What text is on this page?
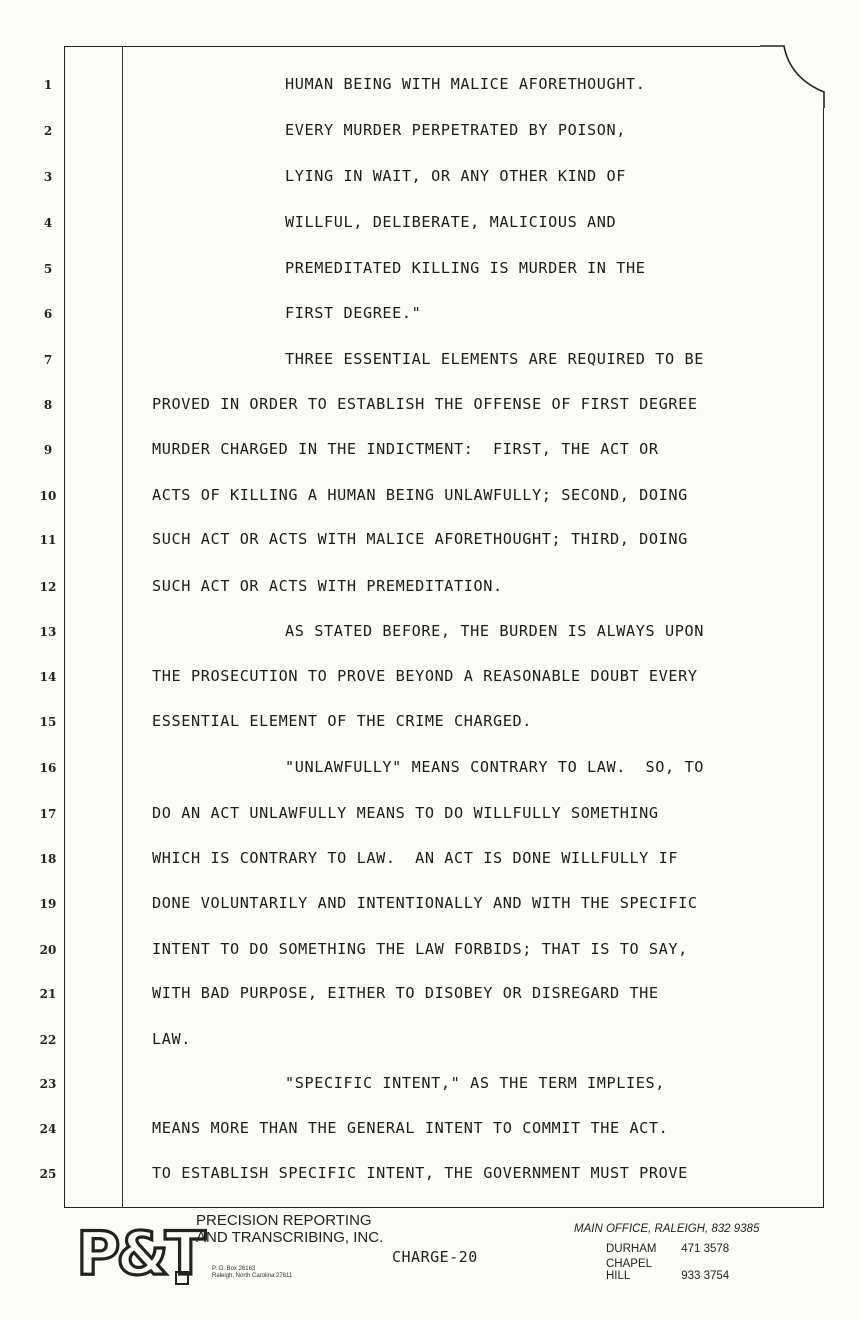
1
2
3
4
5
6
7
8
9
10
11
12
13
14
15
16
17
18
19
20
21
22
23
24
25
HUMAN BEING WITH MALICE AFORETHOUGHT.
EVERY MURDER PERPETRATED BY POISON,
LYING IN WAIT, OR ANY OTHER KIND OF
WILLFUL, DELIBERATE, MALICIOUS AND
PREMEDITATED KILLING IS MURDER IN THE
FIRST DEGREE."
THREE ESSENTIAL ELEMENTS ARE REQUIRED TO BE
PROVED IN ORDER TO ESTABLISH THE OFFENSE OF FIRST DEGREE
MURDER CHARGED IN THE INDICTMENT:  FIRST, THE ACT OR
ACTS OF KILLING A HUMAN BEING UNLAWFULLY; SECOND, DOING
SUCH ACT OR ACTS WITH MALICE AFORETHOUGHT; THIRD, DOING
SUCH ACT OR ACTS WITH PREMEDITATION.
AS STATED BEFORE, THE BURDEN IS ALWAYS UPON
THE PROSECUTION TO PROVE BEYOND A REASONABLE DOUBT EVERY
ESSENTIAL ELEMENT OF THE CRIME CHARGED.
"UNLAWFULLY" MEANS CONTRARY TO LAW.  SO, TO
DO AN ACT UNLAWFULLY MEANS TO DO WILLFULLY SOMETHING
WHICH IS CONTRARY TO LAW.  AN ACT IS DONE WILLFULLY IF
DONE VOLUNTARILY AND INTENTIONALLY AND WITH THE SPECIFIC
INTENT TO DO SOMETHING THE LAW FORBIDS; THAT IS TO SAY,
WITH BAD PURPOSE, EITHER TO DISOBEY OR DISREGARD THE
LAW.
"SPECIFIC INTENT," AS THE TERM IMPLIES,
MEANS MORE THAN THE GENERAL INTENT TO COMMIT THE ACT.
TO ESTABLISH SPECIFIC INTENT, THE GOVERNMENT MUST PROVE
P&T
PRECISION REPORTING
AND TRANSCRIBING, INC.
P. O. Box 26163
Raleigh, North Carolina 27611
CHARGE-20
MAIN OFFICE, RALEIGH, 832 9385
DURHAM 471 3578
CHAPEL HILL	933 3754
